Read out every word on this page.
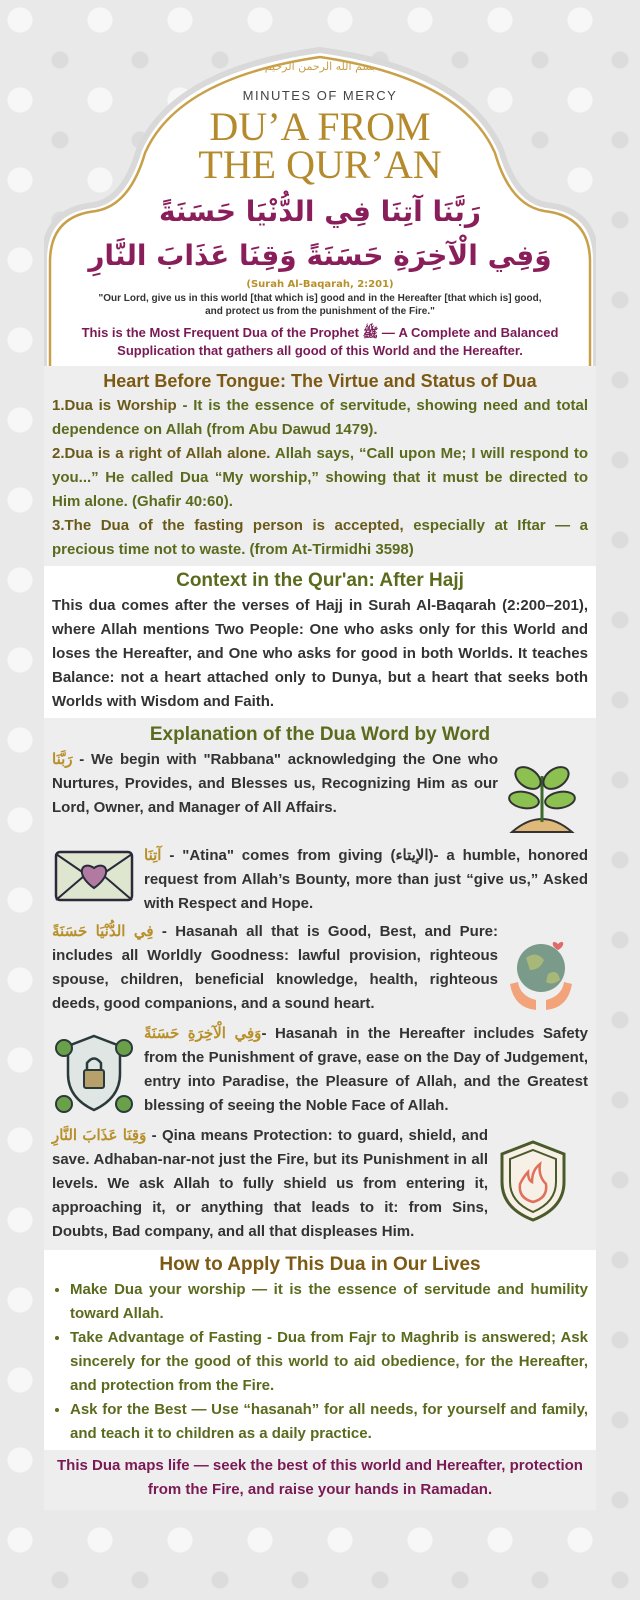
بسم الله الرحمن الرحيم
MINUTES OF MERCY
DU’A FROM
THE QUR’AN
رَبَّنَا آتِنَا فِي الدُّنْيَا حَسَنَةً
وَفِي الْآخِرَةِ حَسَنَةً وَقِنَا عَذَابَ النَّارِ
(Surah Al-Baqarah, 2:201)
"Our Lord, give us in this world [that which is] good and in the Hereafter [that which is] good, and protect us from the punishment of the Fire."
This is the Most Frequent Dua of the Prophet ﷺ — A Complete and Balanced Supplication that gathers all good of this World and the Hereafter.
Heart Before Tongue: The Virtue and Status of Dua

1.Dua is Worship - It is the essence of servitude, showing need and total dependence on Allah (from Abu Dawud 1479).

2.Dua is a right of Allah alone. Allah says, “Call upon Me; I will respond to you...” He called Dua “My worship,” showing that it must be directed to Him alone. (Ghafir 40:60).

3.The Dua of the fasting person is accepted, especially at Iftar — a precious time not to waste. (from At-Tirmidhi 3598)

Context in the Qur'an: After Hajj

This dua comes after the verses of Hajj in Surah Al-Baqarah (2:200–201), where Allah mentions Two People: One who asks only for this World and loses the Hereafter, and One who asks for good in both Worlds. It teaches Balance: not a heart attached only to Dunya, but a heart that seeks both Worlds with Wisdom and Faith.

Explanation of the Dua Word by Word

رَبَّنَا - We begin with "Rabbana" acknowledging the One who Nurtures, Provides, and Blesses us, Recognizing Him as our Lord, Owner, and Manager of All Affairs.

آتِنَا - "Atina" comes from giving (الإيتاء)- a humble, honored request from Allah’s Bounty, more than just “give us,” Asked with Respect and Hope.

فِي الدُّنْيَا حَسَنَةً - Hasanah all that is Good, Best, and Pure: includes all Worldly Goodness: lawful provision, righteous spouse, children, beneficial knowledge, health, righteous deeds, good companions, and a sound heart.

وَفِي الْآخِرَةِ حَسَنَةً- Hasanah in the Hereafter includes Safety from the Punishment of grave, ease on the Day of Judgement, entry into Paradise, the Pleasure of Allah, and the Greatest blessing of seeing the Noble Face of Allah.

وَقِنَا عَذَابَ النَّارِ - Qina means Protection: to guard, shield, and save. Adhaban-nar-not just the Fire, but its Punishment in all levels. We ask Allah to fully shield us from entering it, approaching it, or anything that leads to it: from Sins, Doubts, Bad company, and all that displeases Him.

How to Apply This Dua in Our Lives
• Make Dua your worship — it is the essence of servitude and humility toward Allah.
• Take Advantage of Fasting - Dua from Fajr to Maghrib is answered; Ask sincerely for the good of this world to aid obedience, for the Hereafter, and protection from the Fire.
• Ask for the Best — Use “hasanah” for all needs, for yourself and family, and teach it to children as a daily practice.

This Dua maps life — seek the best of this world and Hereafter, protection from the Fire, and raise your hands in Ramadan.
